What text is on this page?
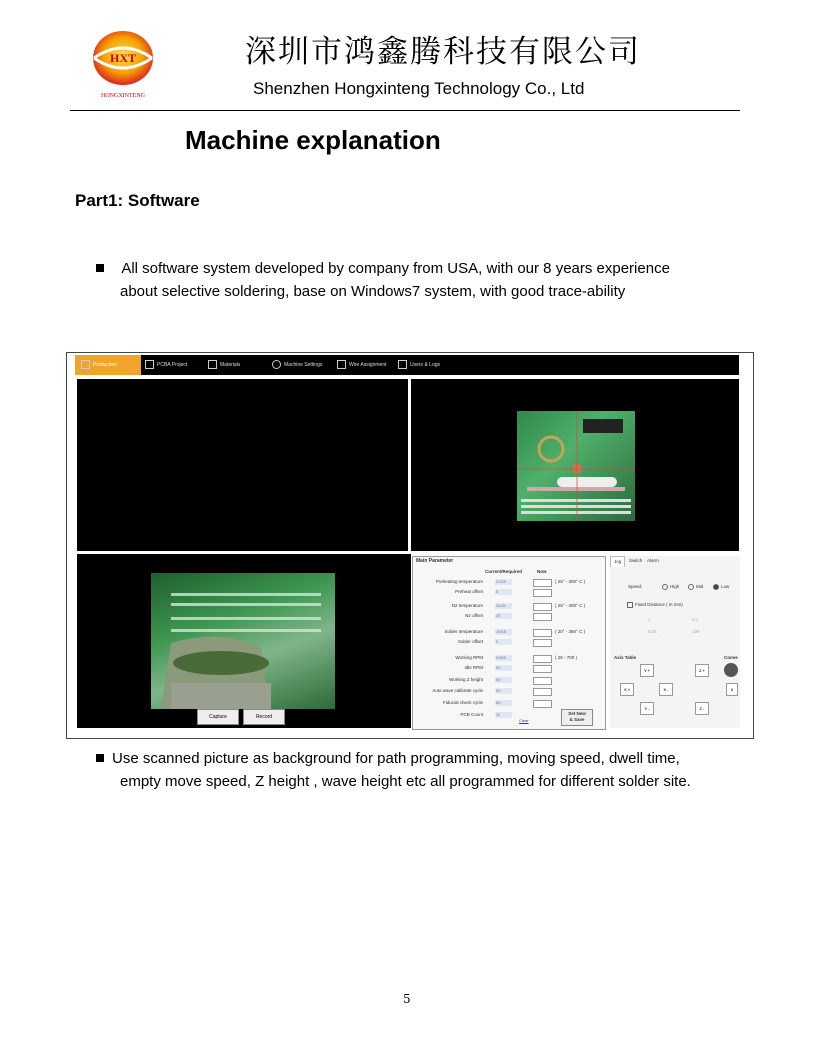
HXT
HONGXINTENG
深圳市鸿鑫腾科技有限公司
Shenzhen Hongxinteng Technology Co., Ltd
Machine explanation
Part1: Software
All software system developed by company from USA, with our 8 years experience
about selective soldering, base on Windows7 system, with good trace-ability
Production	PCBA Project	Materials	Machine Settings	Wire Assignment	Users & Logs
Capture	Record
Main Parameter
Current/Required	Now
Preheating temperature	27/20	( 25° - 300° C )
Preheat offset	0
N2 temperature	31/31	( 25° - 400° C )
N2 offset	20
Solder temperature	15/15	( 20° - 360° C )
Solder offset	0
Working RPM	0/200	( 25 - 700 )
Idle RPM	50
Working Z height	50
Auto wave calibrate cycle	50
Fiducial check cycle	50
PCB Count	11
Clear
Set New
& Save
Jog	Switch	Alarm
Speed:	High	Mid	Low
Fixed Distance ( In mm)
1	0.1
0.01	100
Axis Table	Conve
Y +
X +	X -
Y -
Z +
Z -
X
Use scanned picture as background for path programming, moving speed, dwell time,
empty move speed, Z height , wave height etc all programmed for different solder site.
5
